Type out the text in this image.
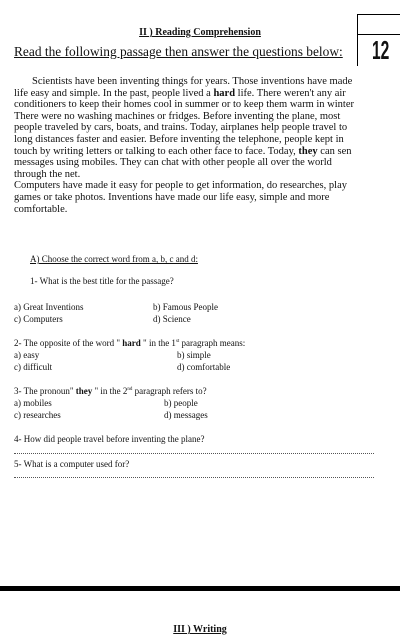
II ) Reading Comprehension
12
Read the following passage then answer the questions below:

Scientists have been inventing things for years. Those inventions have made

life easy and simple. In the past, people lived a hard life. There weren't any air

conditioners to keep their homes cool in summer or to keep them warm in winter

There were no washing machines or fridges. Before inventing the plane, most

people traveled by cars, boats, and trains. Today, airplanes help people travel to

long distances faster and easier. Before inventing the telephone, people kept in

touch by writing letters or talking to each other face to face. Today, they can sen

messages using mobiles. They can chat with other people all over the world

through the net.

Computers have made it easy for people to get information, do researches, play

games or take photos. Inventions have made our life easy, simple and more

comfortable.

A) Choose the correct word from a, b, c and d:
1- What is the best title for the passage?
a) Great Inventions	b) Famous People
c) Computers	d) Science
2- The opposite of the word " hard " in the 1st paragraph means:
a) easy	b) simple
c) difficult	d) comfortable
3- The pronoun" they " in the 2nd paragraph refers to?
a) mobiles	b) people
c) researches	d) messages
4- How did people travel before inventing the plane?
5- What is a computer used for?
III ) Writing
